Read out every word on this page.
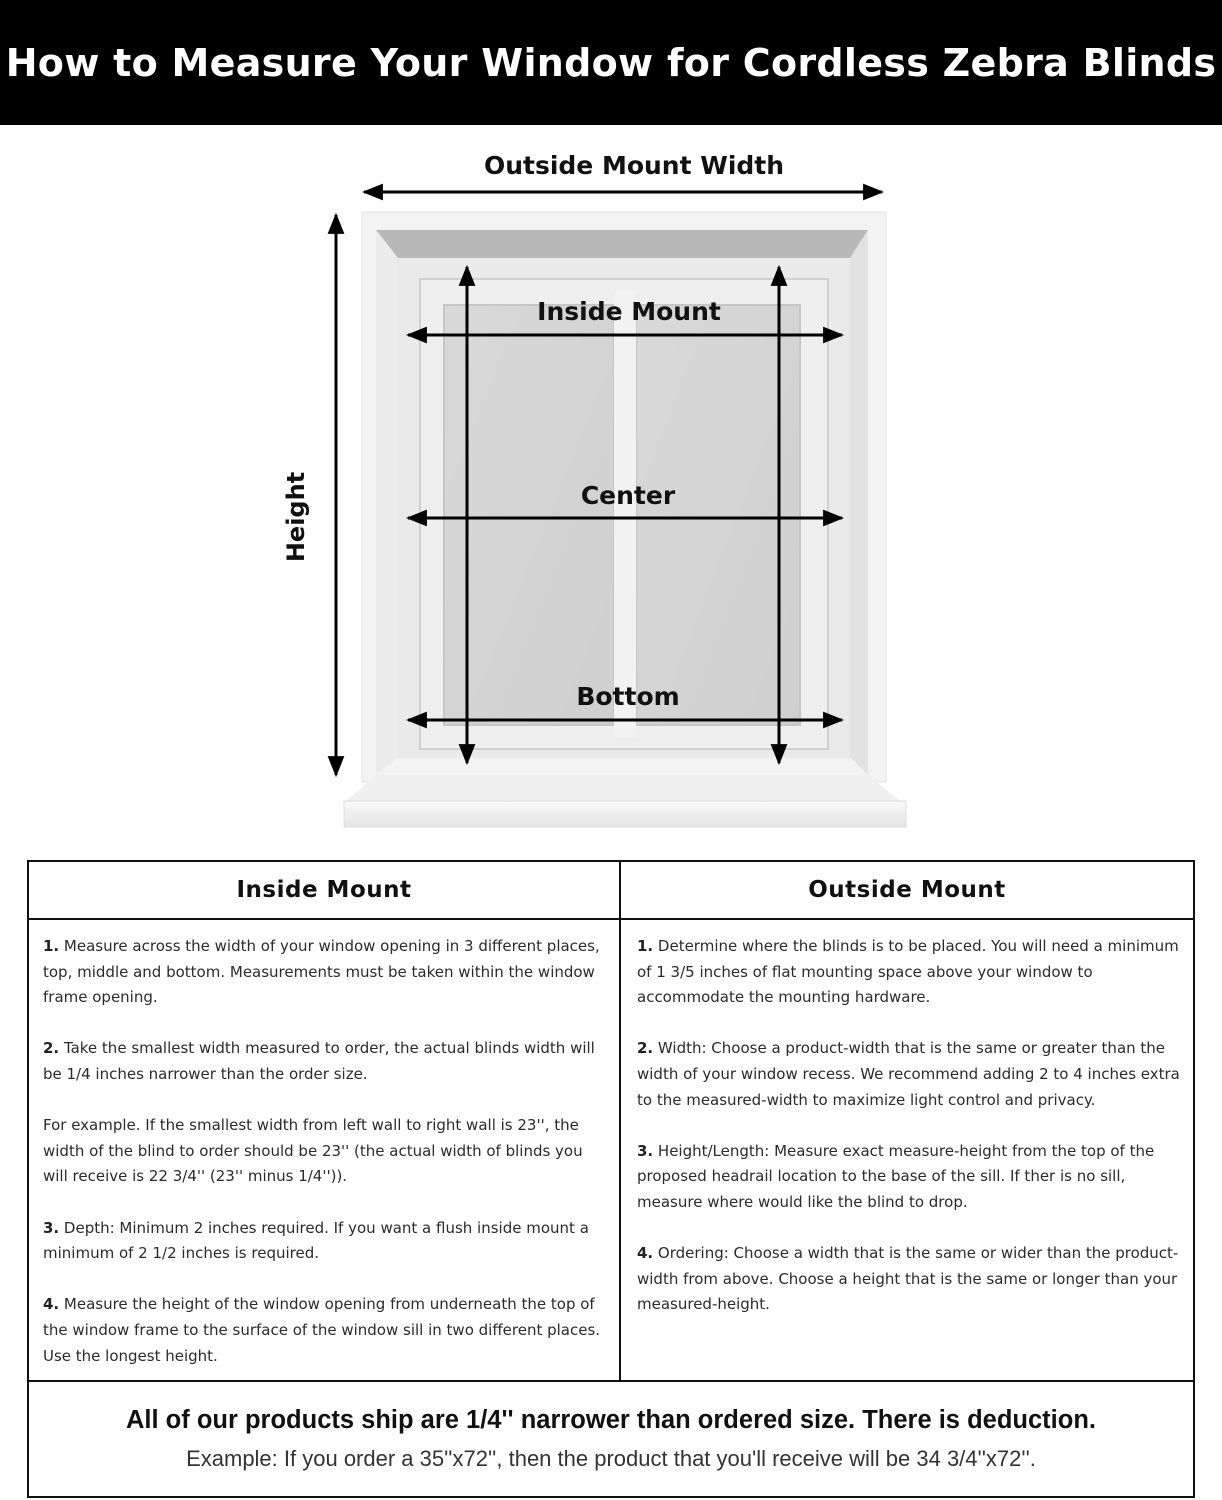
How to Measure Your Window for Cordless Zebra Blinds
Outside Mount Width
Inside Mount
Center
Bottom
Height
Inside Mount

1. Measure across the width of your window opening in 3 different places, top, middle and bottom. Measurements must be taken within the window frame opening.

2. Take the smallest width measured to order, the actual blinds width will be 1/4 inches narrower than the order size.

For example. If the smallest width from left wall to right wall is 23'', the width of the blind to order should be 23'' (the actual width of blinds you will receive is 22 3/4'' (23'' minus 1/4'')).

3. Depth: Minimum 2 inches required. If you want a flush inside mount a minimum of 2 1/2 inches is required.

4. Measure the height of the window opening from underneath the top of the window frame to the surface of the window sill in two different places. Use the longest height.

Outside Mount

1. Determine where the blinds is to be placed. You will need a minimum of 1 3/5 inches of flat mounting space above your window to accommodate the mounting hardware.

2. Width: Choose a product-width that is the same or greater than the width of your window recess. We recommend adding 2 to 4 inches extra to the measured-width to maximize light control and privacy.

3. Height/Length: Measure exact measure-height from the top of the proposed headrail location to the base of the sill. If ther is no sill, measure where would like the blind to drop.

4. Ordering: Choose a width that is the same or wider than the product-width from above. Choose a height that is the same or longer than your measured-height.

All of our products ship are 1/4'' narrower than ordered size. There is deduction.
Example: If you order a 35''x72'', then the product that you'll receive will be 34 3/4''x72''.
